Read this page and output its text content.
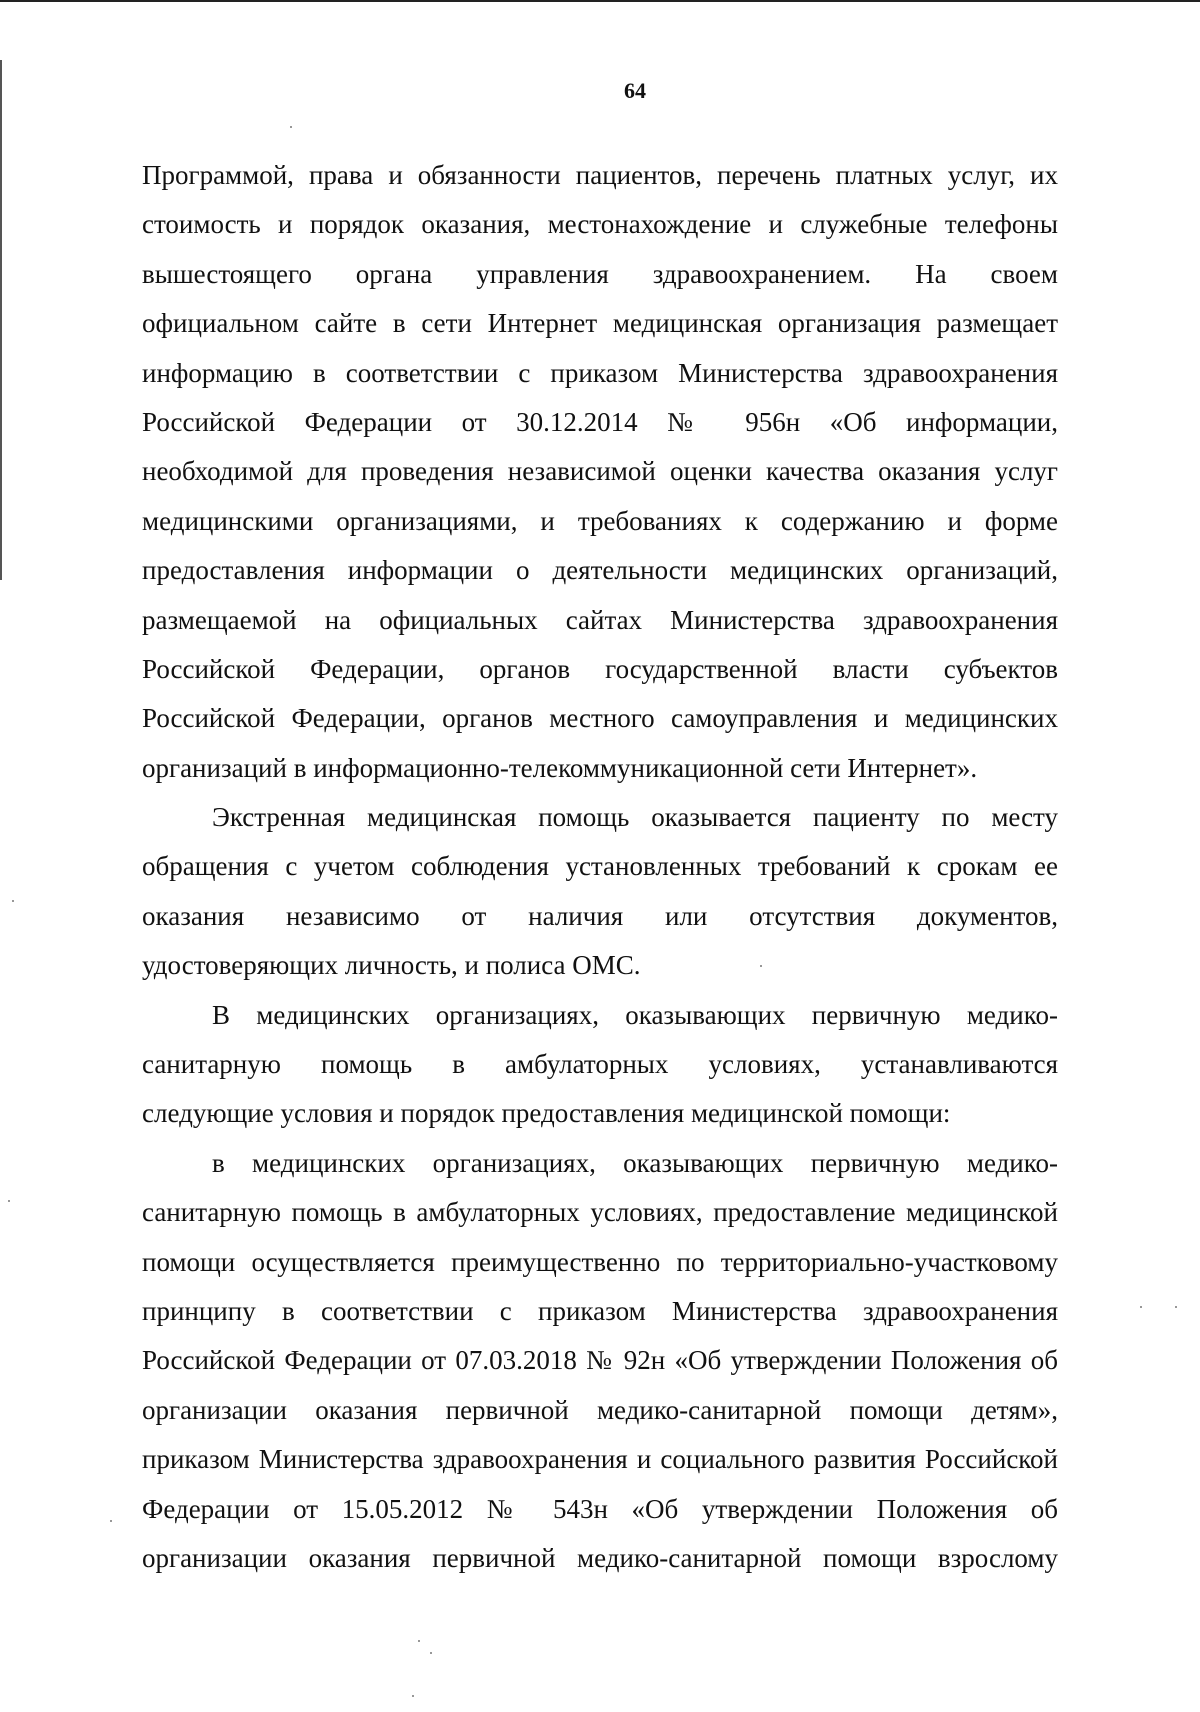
64
Программой, права и обязанности пациентов, перечень платных услуг, их
стоимость и порядок оказания, местонахождение и служебные телефоны
вышестоящего органа управления здравоохранением. На своем
официальном сайте в сети Интернет медицинская организация размещает
информацию в соответствии с приказом Министерства здравоохранения
Российской Федерации от 30.12.2014 № 956н «Об информации,
необходимой для проведения независимой оценки качества оказания услуг
медицинскими организациями, и требованиях к содержанию и форме
предоставления информации о деятельности медицинских организаций,
размещаемой на официальных сайтах Министерства здравоохранения
Российской Федерации, органов государственной власти субъектов
Российской Федерации, органов местного самоуправления и медицинских
организаций в информационно-телекоммуникационной сети Интернет».
Экстренная медицинская помощь оказывается пациенту по месту
обращения с учетом соблюдения установленных требований к срокам ее
оказания независимо от наличия или отсутствия документов,
удостоверяющих личность, и полиса ОМС.
В медицинских организациях, оказывающих первичную медико-
санитарную помощь в амбулаторных условиях, устанавливаются
следующие условия и порядок предоставления медицинской помощи:
в медицинских организациях, оказывающих первичную медико-
санитарную помощь в амбулаторных условиях, предоставление медицинской
помощи осуществляется преимущественно по территориально-участковому
принципу в соответствии с приказом Министерства здравоохранения
Российской Федерации от 07.03.2018 № 92н «Об утверждении Положения об
организации оказания первичной медико-санитарной помощи детям»,
приказом Министерства здравоохранения и социального развития Российской
Федерации от 15.05.2012 № 543н «Об утверждении Положения об
организации оказания первичной медико-санитарной помощи взрослому
